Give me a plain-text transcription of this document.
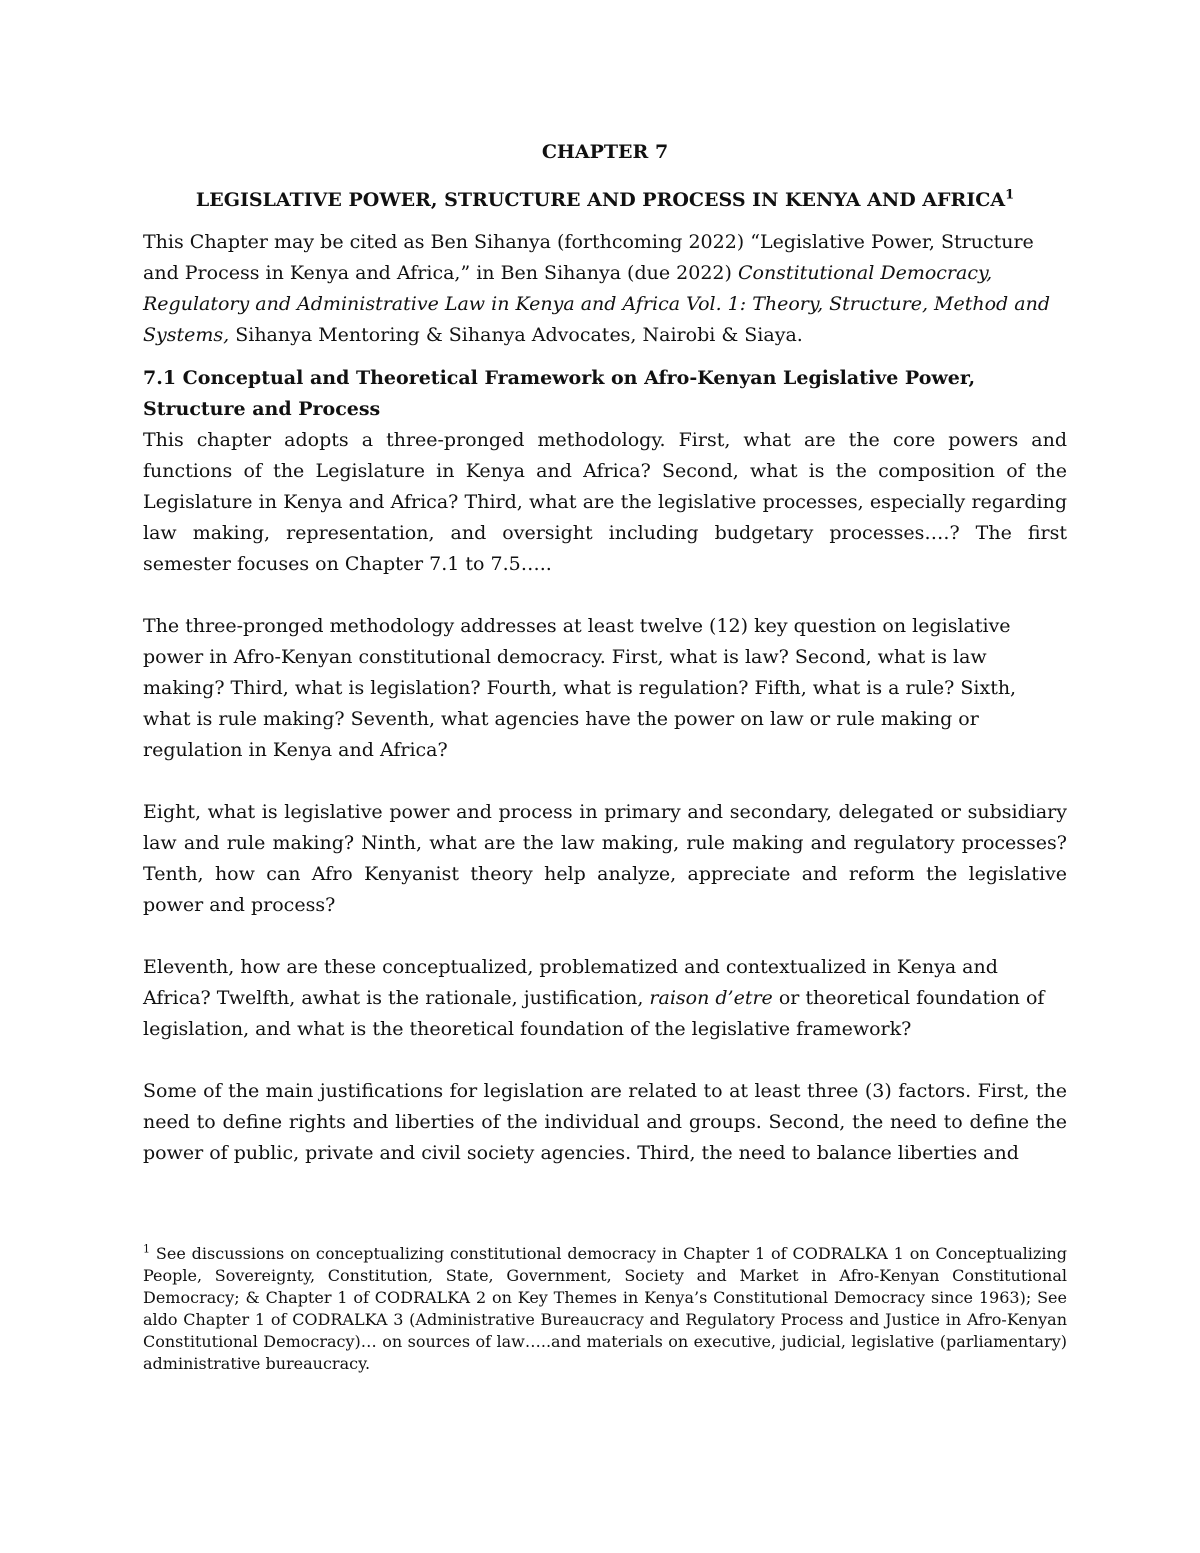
CHAPTER 7

LEGISLATIVE POWER, STRUCTURE AND PROCESS IN KENYA AND AFRICA$^1$

This Chapter may be cited as Ben Sihanya (forthcoming 2022) “Legislative Power, Structure and Process in Kenya and Africa,” in Ben Sihanya (due 2022) Constitutional Democracy, Regulatory and Administrative Law in Kenya and Africa Vol. 1: Theory, Structure, Method and Systems, Sihanya Mentoring & Sihanya Advocates, Nairobi & Siaya.

7.1 Conceptual and Theoretical Framework on Afro-Kenyan Legislative Power, Structure and Process

This chapter adopts a three-pronged methodology. First, what are the core powers and functions of the Legislature in Kenya and Africa? Second, what is the composition of the Legislature in Kenya and Africa? Third, what are the legislative processes, especially regarding law making, representation, and oversight including budgetary processes….? The first semester focuses on Chapter 7.1 to 7.5…..

The three-pronged methodology addresses at least twelve (12) key question on legislative power in Afro-Kenyan constitutional democracy. First, what is law? Second, what is law making? Third, what is legislation? Fourth, what is regulation? Fifth, what is a rule? Sixth, what is rule making? Seventh, what agencies have the power on law or rule making or regulation in Kenya and Africa?

Eight, what is legislative power and process in primary and secondary, delegated or subsidiary law and rule making? Ninth, what are the law making, rule making and regulatory processes? Tenth, how can Afro Kenyanist theory help analyze, appreciate and reform the legislative power and process?

Eleventh, how are these conceptualized, problematized and contextualized in Kenya and Africa? Twelfth, awhat is the rationale, justification, raison d’etre or theoretical foundation of legislation, and what is the theoretical foundation of the legislative framework?

Some of the main justifications for legislation are related to at least three (3) factors. First, the need to define rights and liberties of the individual and groups. Second, the need to define the power of public, private and civil society agencies. Third, the need to balance liberties and

$^1$ See discussions on conceptualizing constitutional democracy in Chapter 1 of CODRALKA 1 on Conceptualizing People, Sovereignty, Constitution, State, Government, Society and Market in Afro-Kenyan Constitutional Democracy; & Chapter 1 of CODRALKA 2 on Key Themes in Kenya’s Constitutional Democracy since 1963); See aldo Chapter 1 of CODRALKA 3 (Administrative Bureaucracy and Regulatory Process and Justice in Afro-Kenyan Constitutional Democracy)… on sources of law…..and materials on executive, judicial, legislative (parliamentary) administrative bureaucracy.
